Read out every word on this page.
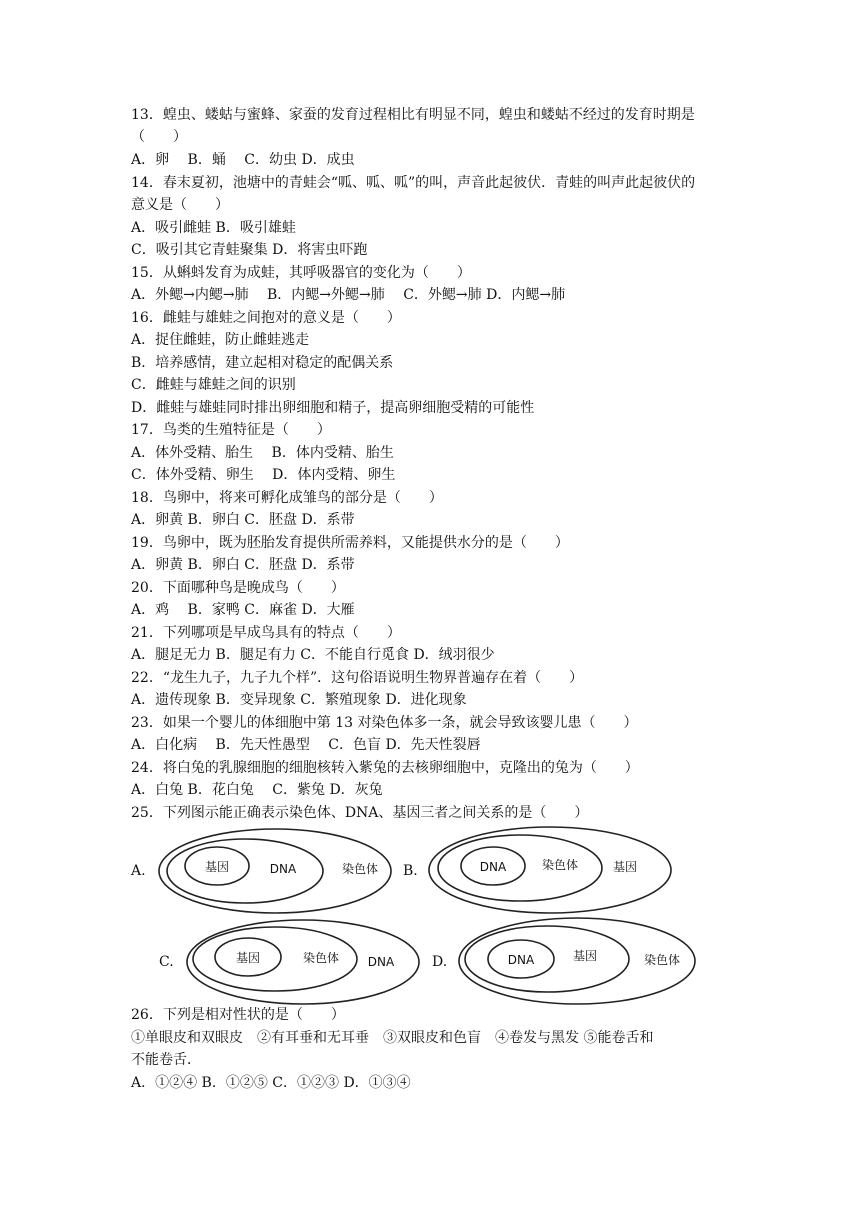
13．蝗虫、蝼蛄与蜜蜂、家蚕的发育过程相比有明显不同，蝗虫和蝼蛄不经过的发育时期是
（　　）
A．卵　 B．蛹　 C．幼虫 D．成虫
14．春末夏初，池塘中的青蛙会“呱、呱、呱”的叫，声音此起彼伏．青蛙的叫声此起彼伏的
意义是（　　）
A．吸引雌蛙 B．吸引雄蛙
C．吸引其它青蛙聚集 D．将害虫吓跑
15．从蝌蚪发育为成蛙，其呼吸器官的变化为（　　）
A．外鳃→内鳃→肺　 B．内鳃→外鳃→肺　 C．外鳃→肺 D．内鳃→肺
16．雌蛙与雄蛙之间抱对的意义是（　　）
A．捉住雌蛙，防止雌蛙逃走
B．培养感情，建立起相对稳定的配偶关系
C．雌蛙与雄蛙之间的识别
D．雌蛙与雄蛙同时排出卵细胞和精子，提高卵细胞受精的可能性
17．鸟类的生殖特征是（　　）
A．体外受精、胎生　 B．体内受精、胎生
C．体外受精、卵生　 D．体内受精、卵生
18．鸟卵中，将来可孵化成雏鸟的部分是（　　）
A．卵黄 B．卵白 C．胚盘 D．系带
19．鸟卵中，既为胚胎发育提供所需养料，又能提供水分的是（　　）
A．卵黄 B．卵白 C．胚盘 D．系带
20．下面哪种鸟是晚成鸟（　　）
A．鸡　 B．家鸭 C．麻雀 D．大雁
21．下列哪项是早成鸟具有的特点（　　）
A．腿足无力 B．腿足有力 C．不能自行觅食 D．绒羽很少
22．“龙生九子，九子九个样”．这句俗语说明生物界普遍存在着（　　）
A．遗传现象 B．变异现象 C．繁殖现象 D．进化现象
23．如果一个婴儿的体细胞中第 13 对染色体多一条，就会导致该婴儿患（　　）
A．白化病　 B．先天性愚型　 C．色盲 D．先天性裂唇
24．将白兔的乳腺细胞的细胞核转入紫兔的去核卵细胞中，克隆出的兔为（　　）
A．白兔 B．花白兔　 C．紫兔 D．灰兔
25．下列图示能正确表示染色体、DNA、基因三者之间关系的是（　　）
A.	基因	DNA	染色体 B.	DNA	染色体	基因
C.	基因	染色体 DNA	D.	DNA	基因	染色体
26．下列是相对性状的是（　　）
①单眼皮和双眼皮　②有耳垂和无耳垂　③双眼皮和色盲　④卷发与黑发 ⑤能卷舌和
不能卷舌．
A．①②④ B．①②⑤ C．①②③ D．①③④
